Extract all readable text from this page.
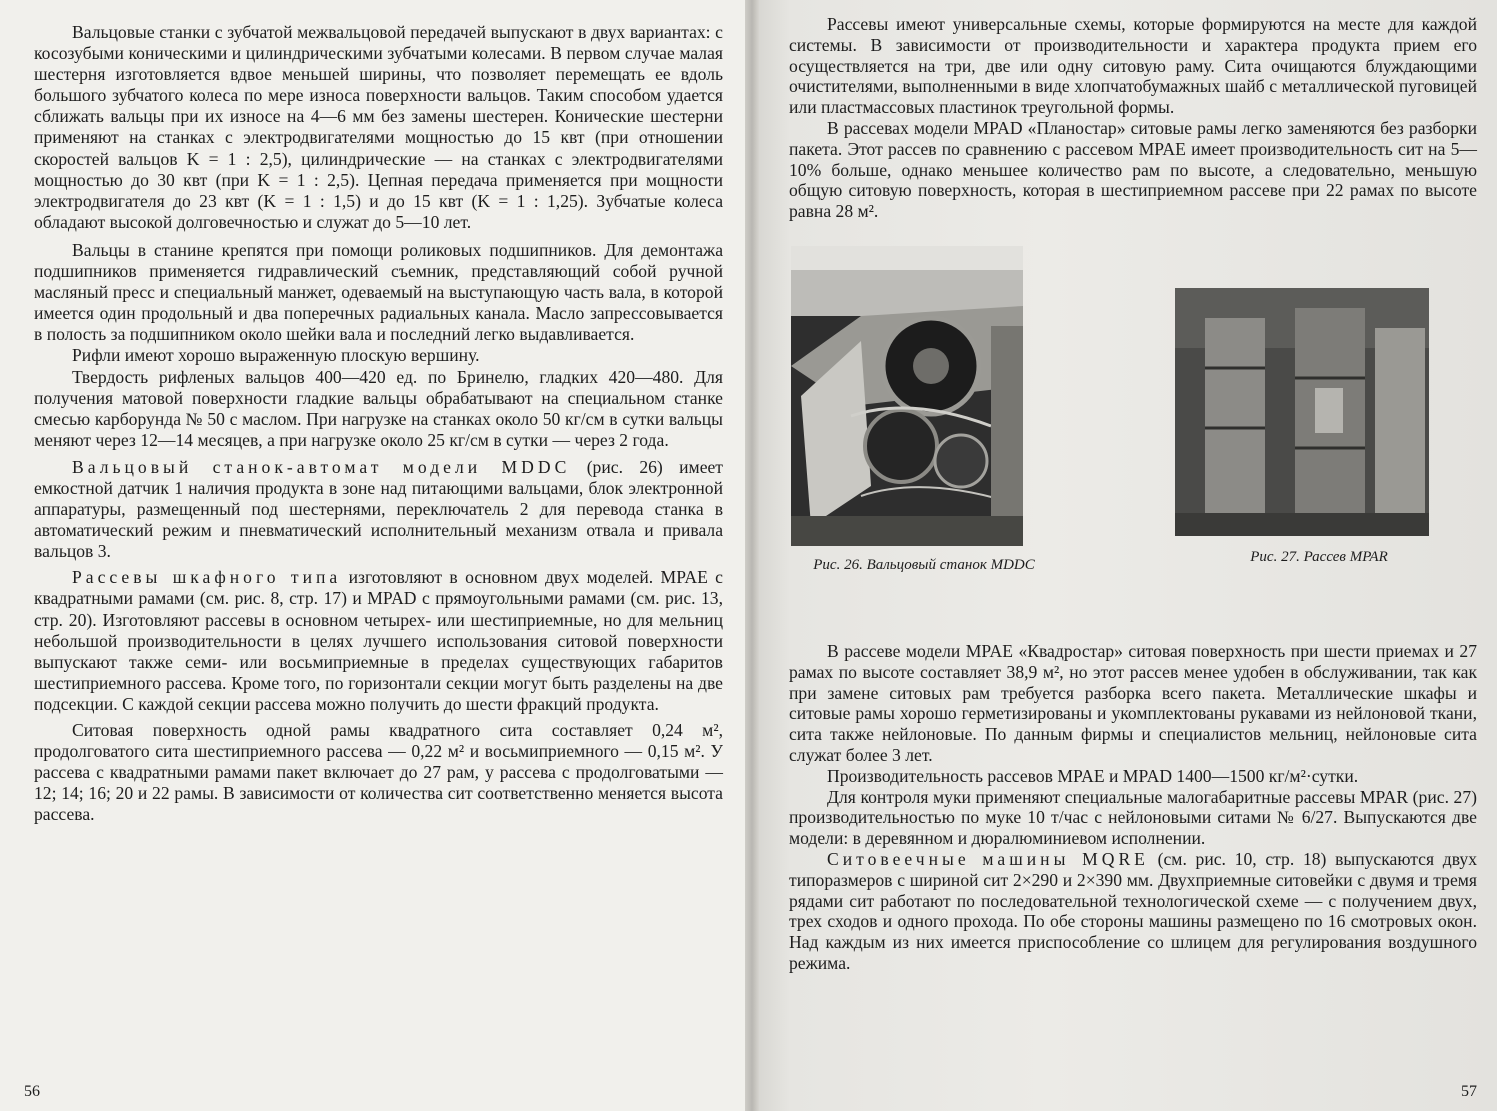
Вальцовые станки с зубчатой межвальцовой передачей выпускают в двух вариантах: с косозубыми коническими и цилиндрическими зубчатыми колесами. В первом случае малая шестерня изготовляется вдвое меньшей ширины, что позволяет перемещать ее вдоль большого зубчатого колеса по мере износа поверхности вальцов. Таким способом удается сближать вальцы при их износе на 4—6 мм без замены шестерен. Конические шестерни применяют на станках с электродвигателями мощностью до 15 квт (при отношении скоростей вальцов K = 1 : 2,5), цилиндрические — на станках с электродвигателями мощностью до 30 квт (при K = 1 : 2,5). Цепная передача применяется при мощности электродвигателя до 23 квт (K = 1 : 1,5) и до 15 квт (K = 1 : 1,25). Зубчатые колеса обладают высокой долговечностью и служат до 5—10 лет.

Вальцы в станине крепятся при помощи роликовых подшипников. Для демонтажа подшипников применяется гидравлический съемник, представляющий собой ручной масляный пресс и специальный манжет, одеваемый на выступающую часть вала, в которой имеется один продольный и два поперечных радиальных канала. Масло запрессовывается в полость за подшипником около шейки вала и последний легко выдавливается.

Рифли имеют хорошо выраженную плоскую вершину.

Твердость рифленых вальцов 400—420 ед. по Бринелю, гладких 420—480. Для получения матовой поверхности гладкие вальцы обрабатывают на специальном станке смесью карборунда № 50 с маслом. При нагрузке на станках около 50 кг/см в сутки вальцы меняют через 12—14 месяцев, а при нагрузке около 25 кг/см в сутки — через 2 года.

Вальцовый станок-автомат модели MDDC (рис. 26) имеет емкостной датчик 1 наличия продукта в зоне над питающими вальцами, блок электронной аппаратуры, размещенный под шестернями, переключатель 2 для перевода станка в автоматический режим и пневматический исполнительный механизм отвала и привала вальцов 3.

Рассевы шкафного типа изготовляют в основном двух моделей. MPAE с квадратными рамами (см. рис. 8, стр. 17) и MPAD с прямоугольными рамами (см. рис. 13, стр. 20). Изготовляют рассевы в основном четырех- или шестиприемные, но для мельниц небольшой производительности в целях лучшего использования ситовой поверхности выпускают также семи- или восьмиприемные в пределах существующих габаритов шестиприемного рассева. Кроме того, по горизонтали секции могут быть разделены на две подсекции. С каждой секции рассева можно получить до шести фракций продукта.

Ситовая поверхность одной рамы квадратного сита составляет 0,24 м², продолговатого сита шестиприемного рассева — 0,22 м² и восьмиприемного — 0,15 м². У рассева с квадратными рамами пакет включает до 27 рам, у рассева с продолговатыми — 12; 14; 16; 20 и 22 рамы. В зависимости от количества сит соответственно меняется высота рассева.

56

Рассевы имеют универсальные схемы, которые формируются на месте для каждой системы. В зависимости от производительности и характера продукта прием его осуществляется на три, две или одну ситовую раму. Сита очищаются блуждающими очистителями, выполненными в виде хлопчатобумажных шайб с металлической пуговицей или пластмассовых пластинок треугольной формы.

В рассевах модели MPAD «Планостар» ситовые рамы легко заменяются без разборки пакета. Этот рассев по сравнению с рассевом MPAE имеет производительность сит на 5—10% больше, однако меньшее количество рам по высоте, а следовательно, меньшую общую ситовую поверхность, которая в шестиприемном рассеве при 22 рамах по высоте равна 28 м².

Рис. 26. Вальцовый станок MDDC	Рис. 27. Рассев MPAR

В рассеве модели MPAE «Квадростар» ситовая поверхность при шести приемах и 27 рамах по высоте составляет 38,9 м², но этот рассев менее удобен в обслуживании, так как при замене ситовых рам требуется разборка всего пакета. Металлические шкафы и ситовые рамы хорошо герметизированы и укомплектованы рукавами из нейлоновой ткани, сита также нейлоновые. По данным фирмы и специалистов мельниц, нейлоновые сита служат более 3 лет.

Производительность рассевов MPAE и MPAD 1400—1500 кг/м²·сутки.

Для контроля муки применяют специальные малогабаритные рассевы MPAR (рис. 27) производительностью по муке 10 т/час с нейлоновыми ситами № 6/27. Выпускаются две модели: в деревянном и дюралюминиевом исполнении.

Ситовеечные машины MQRE (см. рис. 10, стр. 18) выпускаются двух типоразмеров с шириной сит 2×290 и 2×390 мм. Двухприемные ситовейки с двумя и тремя рядами сит работают по последовательной технологической схеме — с получением двух, трех сходов и одного прохода. По обе стороны машины размещено по 16 смотровых окон. Над каждым из них имеется приспособление со шлицем для регулирования воздушного режима.

57
